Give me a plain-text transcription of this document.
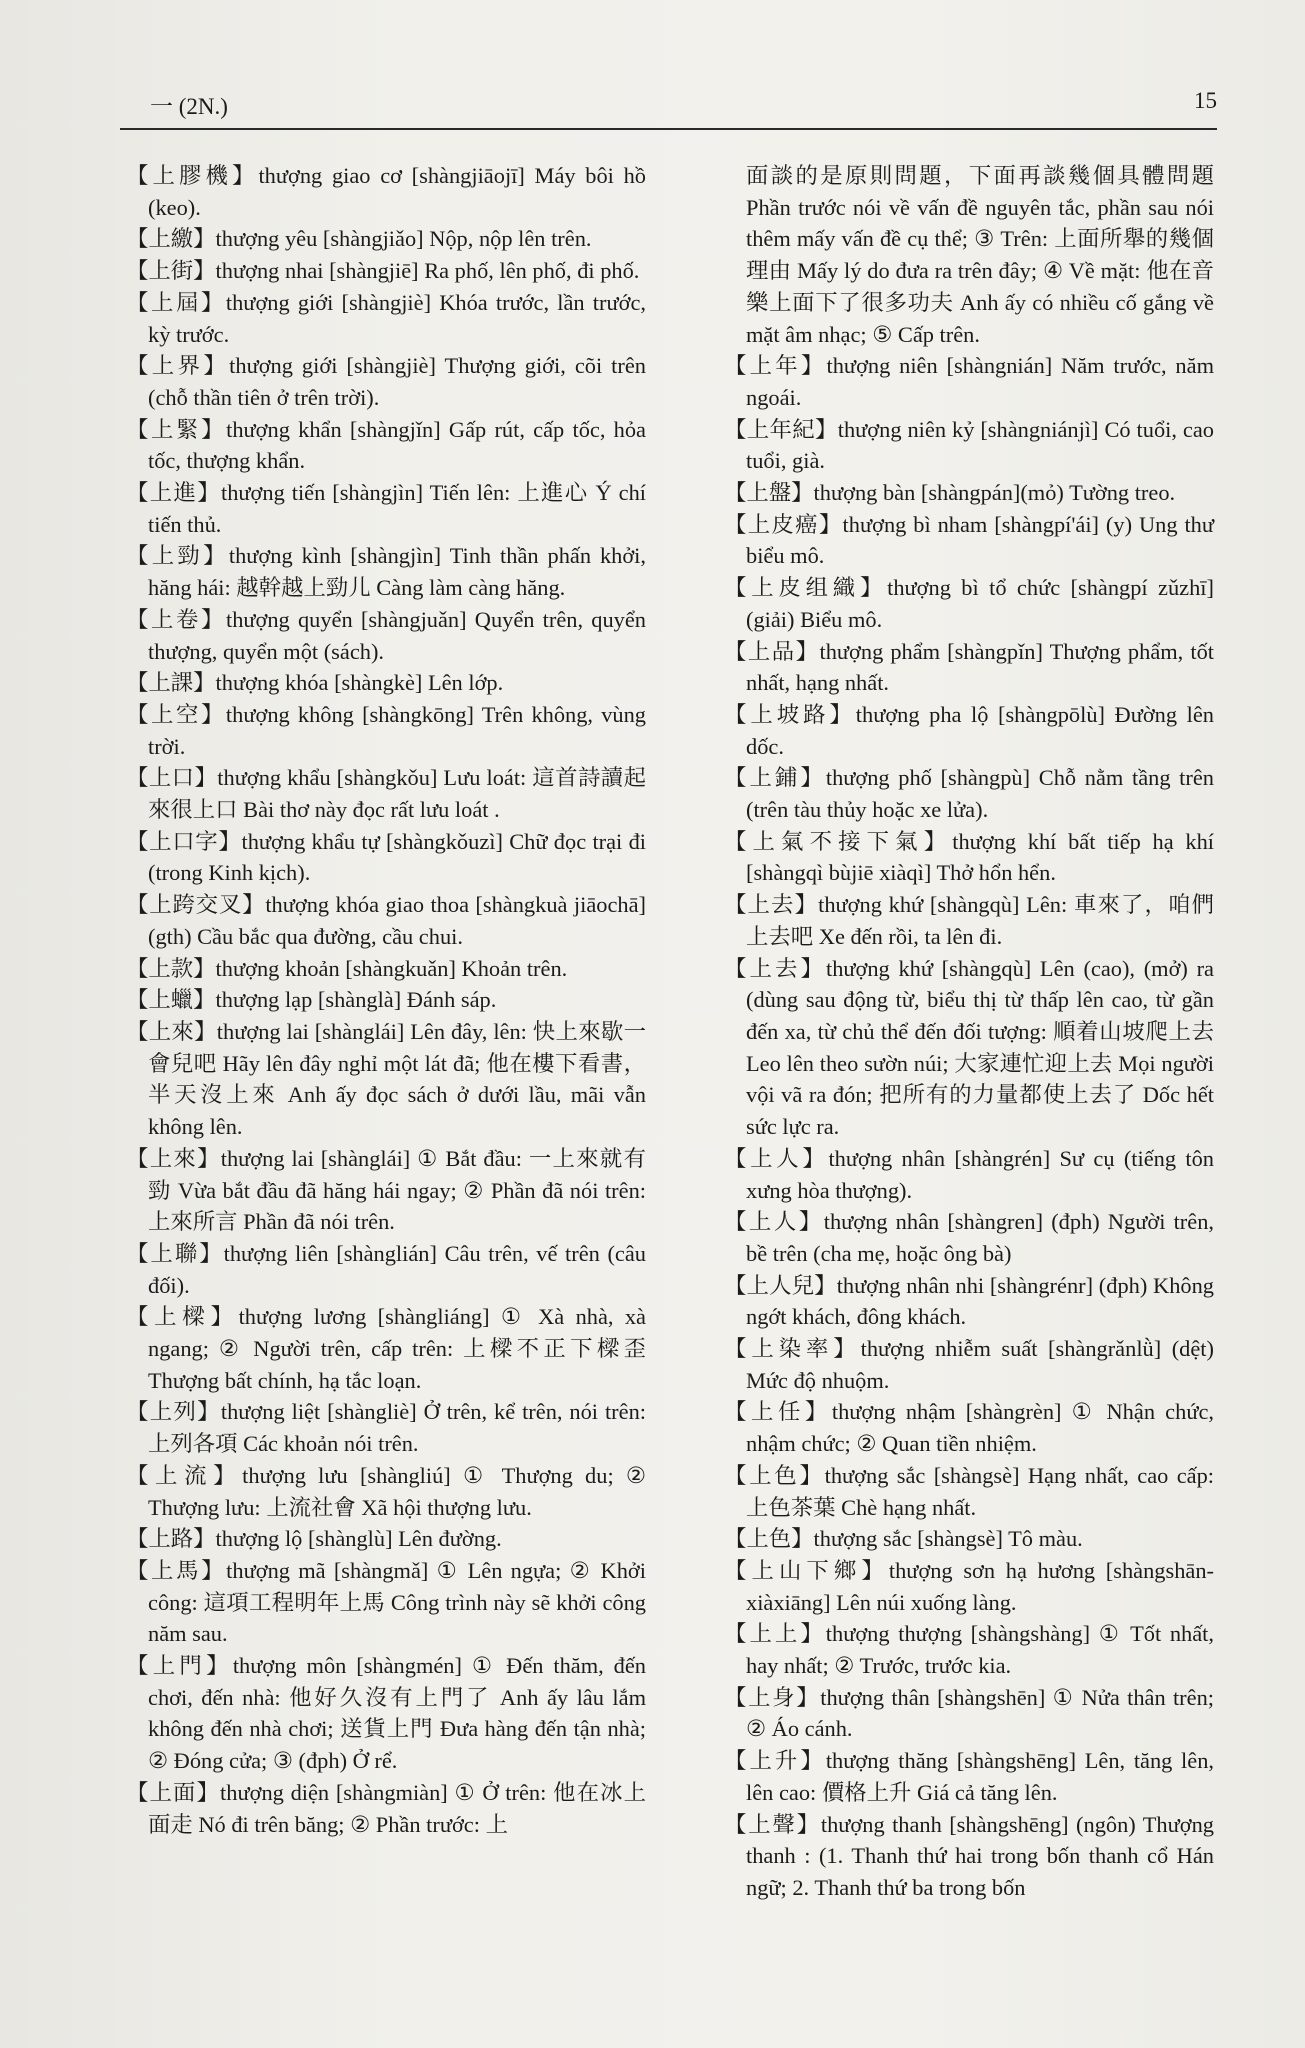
一 (2N.)	15

【上膠機】thượng giao cơ [shàngjiāojī] Máy bôi hồ (keo).

【上繳】thượng yêu [shàngjiǎo] Nộp, nộp lên trên.

【上街】thượng nhai [shàngjiē] Ra phố, lên phố, đi phố.

【上屆】thượng giới [shàngjiè] Khóa trước, lần trước, kỳ trước.

【上界】thượng giới [shàngjiè] Thượng giới, cõi trên (chỗ thần tiên ở trên trời).

【上緊】thượng khẩn [shàngjǐn] Gấp rút, cấp tốc, hỏa tốc, thượng khẩn.

【上進】thượng tiến [shàngjìn] Tiến lên: 上進心 Ý chí tiến thủ.

【上勁】thượng kình [shàngjìn] Tinh thần phấn khởi, hăng hái: 越幹越上勁儿 Càng làm càng hăng.

【上卷】thượng quyển [shàngjuǎn] Quyển trên, quyển thượng, quyển một (sách).

【上課】thượng khóa [shàngkè] Lên lớp.

【上空】thượng không [shàngkōng] Trên không, vùng trời.

【上口】thượng khẩu [shàngkǒu] Lưu loát: 這首詩讀起來很上口 Bài thơ này đọc rất lưu loát .

【上口字】thượng khẩu tự [shàngkǒuzì] Chữ đọc trại đi (trong Kinh kịch).

【上跨交叉】thượng khóa giao thoa [shàngkuà jiāochā] (gth) Cầu bắc qua đường, cầu chui.

【上款】thượng khoản [shàngkuǎn] Khoản trên.

【上蠟】thượng lạp [shànglà] Đánh sáp.

【上來】thượng lai [shànglái] Lên đây, lên: 快上來歇一會兒吧 Hãy lên đây nghỉ một lát đã; 他在樓下看書，半天沒上來 Anh ấy đọc sách ở dưới lầu, mãi vẫn không lên.

【上來】thượng lai [shànglái] ① Bắt đầu: 一上來就有勁 Vừa bắt đầu đã hăng hái ngay; ② Phần đã nói trên: 上來所言 Phần đã nói trên.

【上聯】thượng liên [shànglián] Câu trên, vế trên (câu đối).

【上樑】thượng lương [shàngliáng] ① Xà nhà, xà ngang; ② Người trên, cấp trên: 上樑不正下樑歪 Thượng bất chính, hạ tắc loạn.

【上列】thượng liệt [shàngliè] Ở trên, kể trên, nói trên: 上列各項 Các khoản nói trên.

【上流】thượng lưu [shàngliú] ① Thượng du; ② Thượng lưu: 上流社會 Xã hội thượng lưu.

【上路】thượng lộ [shànglù] Lên đường.

【上馬】thượng mã [shàngmǎ] ① Lên ngựa; ② Khởi công: 這項工程明年上馬 Công trình này sẽ khởi công năm sau.

【上門】thượng môn [shàngmén] ① Đến thăm, đến chơi, đến nhà: 他好久沒有上門了 Anh ấy lâu lắm không đến nhà chơi; 送貨上門 Đưa hàng đến tận nhà; ② Đóng cửa; ③ (đph) Ở rể.

【上面】thượng diện [shàngmiàn] ① Ở trên: 他在冰上面走 Nó đi trên băng; ② Phần trước: 上

面談的是原則問題，下面再談幾個具體問題 Phần trước nói về vấn đề nguyên tắc, phần sau nói thêm mấy vấn đề cụ thể; ③ Trên: 上面所舉的幾個理由 Mấy lý do đưa ra trên đây; ④ Về mặt: 他在音樂上面下了很多功夫 Anh ấy có nhiều cố gắng về mặt âm nhạc; ⑤ Cấp trên.

【上年】thượng niên [shàngnián] Năm trước, năm ngoái.

【上年紀】thượng niên kỷ [shàngniánjì] Có tuổi, cao tuổi, già.

【上盤】thượng bàn [shàngpán](mỏ) Tường treo.

【上皮癌】thượng bì nham [shàngpí'ái] (y) Ung thư biểu mô.

【上皮组織】thượng bì tổ chức [shàngpí zǔzhī] (giải) Biểu mô.

【上品】thượng phẩm [shàngpǐn] Thượng phẩm, tốt nhất, hạng nhất.

【上坡路】thượng pha lộ [shàngpōlù] Đường lên dốc.

【上鋪】thượng phố [shàngpù] Chỗ nằm tầng trên (trên tàu thủy hoặc xe lửa).

【上氣不接下氣】thượng khí bất tiếp hạ khí [shàngqì bùjiē xiàqì] Thở hổn hển.

【上去】thượng khứ [shàngqù] Lên: 車來了，咱們上去吧 Xe đến rồi, ta lên đi.

【上去】thượng khứ [shàngqù] Lên (cao), (mở) ra (dùng sau động từ, biểu thị từ thấp lên cao, từ gần đến xa, từ chủ thể đến đối tượng: 順着山坡爬上去 Leo lên theo sườn núi; 大家連忙迎上去 Mọi người vội vã ra đón; 把所有的力量都使上去了 Dốc hết sức lực ra.

【上人】thượng nhân [shàngrén] Sư cụ (tiếng tôn xưng hòa thượng).

【上人】thượng nhân [shàngren] (đph) Người trên, bề trên (cha mẹ, hoặc ông bà)

【上人兒】thượng nhân nhi [shàngrénr] (đph) Không ngớt khách, đông khách.

【上染率】thượng nhiễm suất [shàngrǎnlǜ] (dệt) Mức độ nhuộm.

【上任】thượng nhậm [shàngrèn] ① Nhận chức, nhậm chức; ② Quan tiền nhiệm.

【上色】thượng sắc [shàngsè] Hạng nhất, cao cấp: 上色茶葉 Chè hạng nhất.

【上色】thượng sắc [shàngsè] Tô màu.

【上山下鄉】thượng sơn hạ hương [shàngshān-xiàxiāng] Lên núi xuống làng.

【上上】thượng thượng [shàngshàng] ① Tốt nhất, hay nhất; ② Trước, trước kia.

【上身】thượng thân [shàngshēn] ① Nửa thân trên; ② Áo cánh.

【上升】thượng thăng [shàngshēng] Lên, tăng lên, lên cao: 價格上升 Giá cả tăng lên.

【上聲】thượng thanh [shàngshēng] (ngôn) Thượng thanh : (1. Thanh thứ hai trong bốn thanh cổ Hán ngữ; 2. Thanh thứ ba trong bốn
